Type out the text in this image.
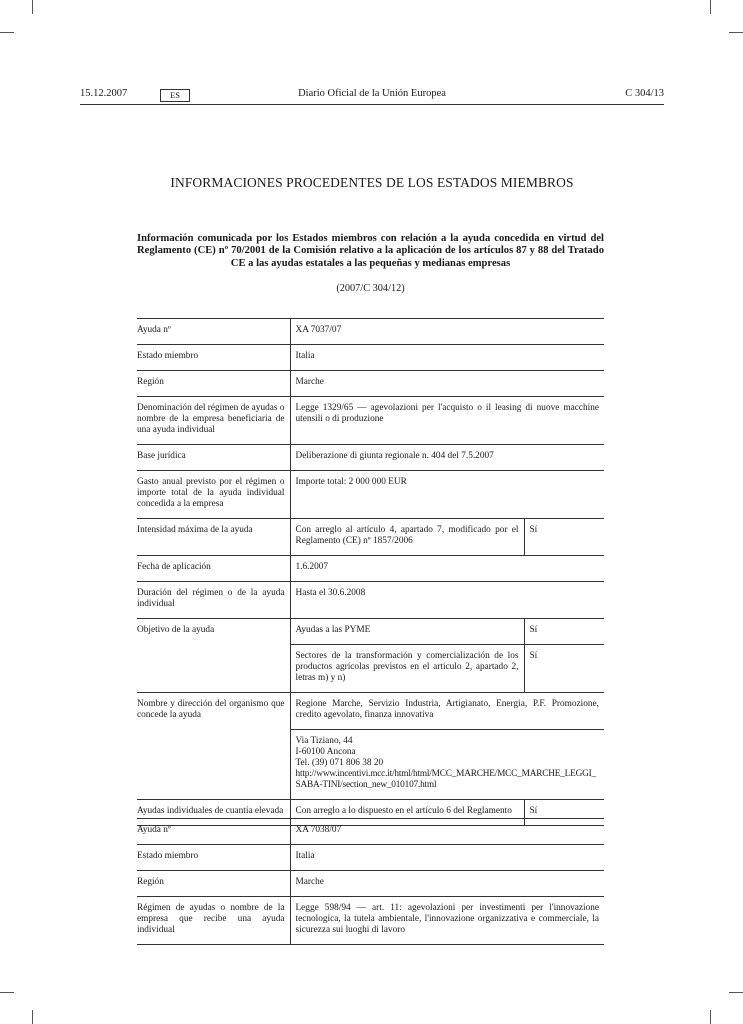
15.12.2007	ES	Diario Oficial de la Unión Europea	C 304/13
INFORMACIONES PROCEDENTES DE LOS ESTADOS MIEMBROS
Información comunicada por los Estados miembros con relación a la ayuda concedida en virtud del Reglamento (CE) nº 70/2001 de la Comisión relativo a la aplicación de los artículos 87 y 88 del Tratado CE a las ayudas estatales a las pequeñas y medianas empresas
(2007/C 304/12)
Ayuda nº	XA 7037/07	
Estado miembro	Italia	
Región	Marche	
Denominación del régimen de ayudas o nombre de la empresa beneficiaria de una ayuda individual	Legge 1329/65 — agevolazioni per l'acquisto o il leasing di nuove macchine utensili o di produzione	
Base jurídica	Deliberazione di giunta regionale n. 404 del 7.5.2007	
Gasto anual previsto por el régimen o importe total de la ayuda individual concedida a la empresa	Importe total: 2 000 000 EUR	
Intensidad máxima de la ayuda	Con arreglo al artículo 4, apartado 7, modificado por el Reglamento (CE) nº 1857/2006	Sí
Fecha de aplicación	1.6.2007	
Duración del régimen o de la ayuda individual	Hasta el 30.6.2008	
Objetivo de la ayuda	Ayudas a las PYME	Sí
	Sectores de la transformación y comercialización de los productos agrícolas previstos en el artículo 2, apartado 2, letras m) y n)	Sí
Nombre y dirección del organismo que concede la ayuda	Regione Marche, Servizio Industria, Artigianato, Energia, P.F. Promozione, credito agevolato, finanza innovativa	

	Via Tiziano, 44
I-60100 Ancona
Tel. (39) 071 806 38 20
http://www.incentivi.mcc.it/html/html/MCC_MARCHE/MCC_MARCHE_LEGGI_SABA-TINI/section_new_010107.html	

Ayudas individuales de cuantía elevada	Con arreglo a lo dispuesto en el artículo 6 del Reglamento	Sí
Ayuda nº	XA 7038/07
Estado miembro	Italia
Región	Marche
Régimen de ayudas o nombre de la empresa que recibe una ayuda individual	Legge 598/94 — art. 11: agevolazioni per investimenti per l'innovazione tecnologica, la tutela ambientale, l'innovazione organizzativa e commerciale, la sicurezza sui luoghi di lavoro
